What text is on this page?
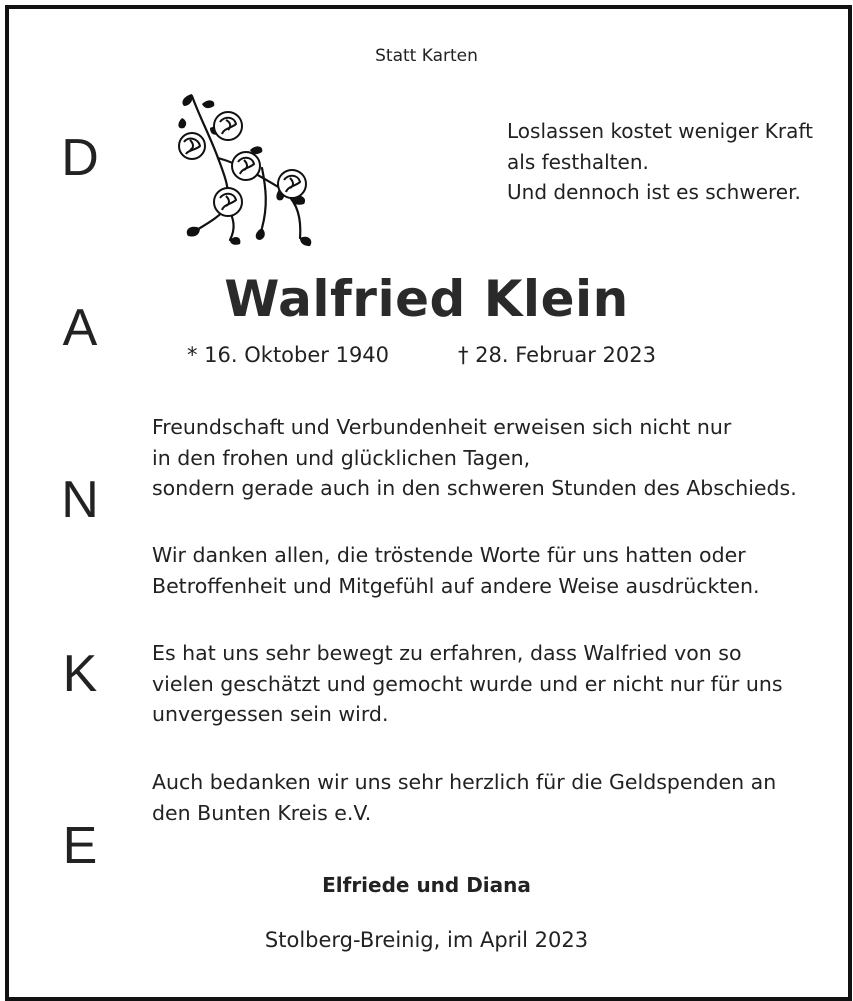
Statt Karten
D
A
N
K
E
Loslassen kostet weniger Kraft
als festhalten.
Und dennoch ist es schwerer.
Walfried Klein
* 16. Oktober 1940	† 28. Februar 2023
Freundschaft und Verbundenheit erweisen sich nicht nur
in den frohen und glücklichen Tagen,
sondern gerade auch in den schweren Stunden des Abschieds.
Wir danken allen, die tröstende Worte für uns hatten oder
Betroffenheit und Mitgefühl auf andere Weise ausdrückten.
Es hat uns sehr bewegt zu erfahren, dass Walfried von so
vielen geschätzt und gemocht wurde und er nicht nur für uns
unvergessen sein wird.
Auch bedanken wir uns sehr herzlich für die Geldspenden an
den Bunten Kreis e.V.
Elfriede und Diana
Stolberg-Breinig, im April 2023
